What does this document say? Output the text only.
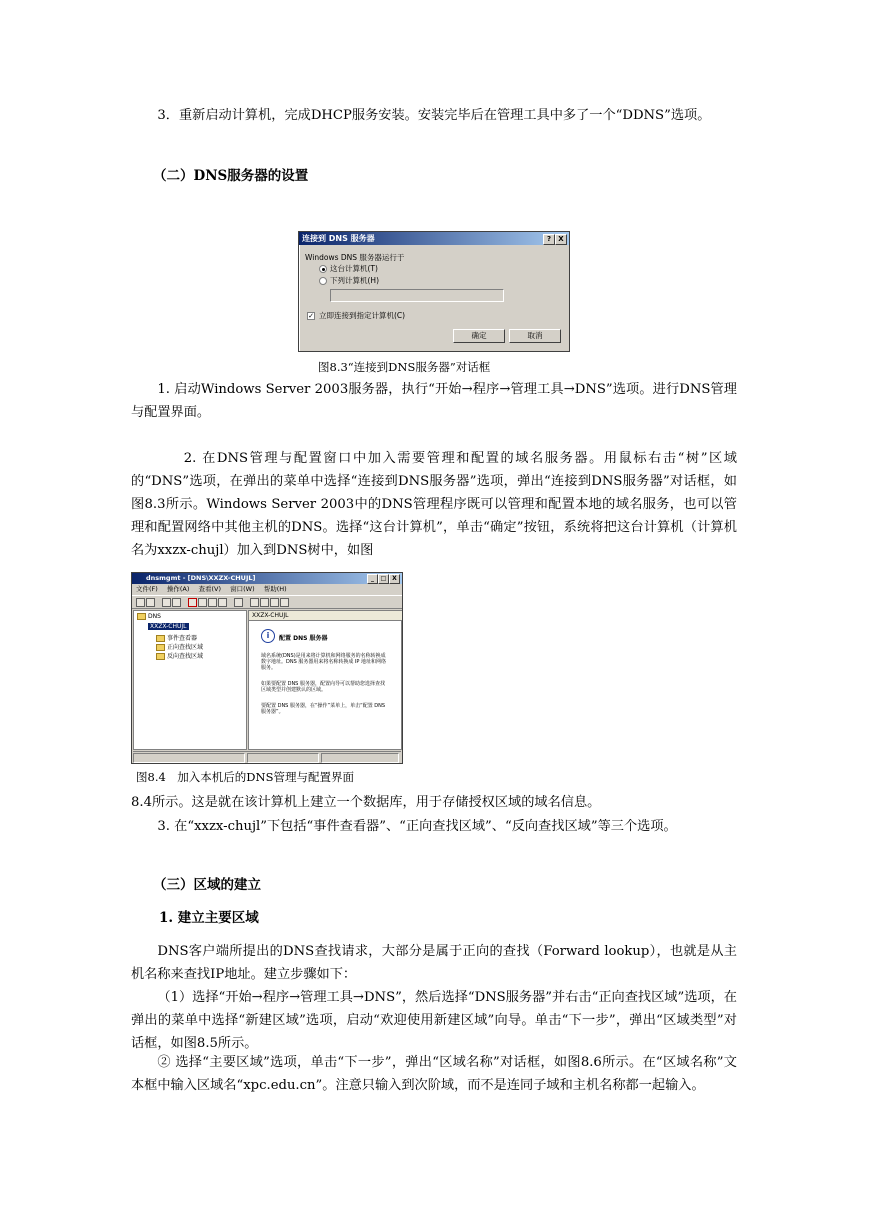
3．重新启动计算机，完成DHCP服务安装。安装完毕后在管理工具中多了一个“DDNS”选项。

（二）DNS服务器的设置

连接到 DNS 服务器	?	X
Windows DNS 服务器运行于
这台计算机(T)
下列计算机(H)
✓ 立即连接到指定计算机(C)
确定	取消

图8.3“连接到DNS服务器”对话框

1. 启动Windows Server 2003服务器，执行“开始→程序→管理工具→DNS”选项。进行DNS管理与配置界面。

2. 在DNS管理与配置窗口中加入需要管理和配置的域名服务器。用鼠标右击“树”区域的“DNS”选项，在弹出的菜单中选择“连接到DNS服务器”选项，弹出“连接到DNS服务器”对话框，如图8.3所示。Windows Server 2003中的DNS管理程序既可以管理和配置本地的域名服务，也可以管理和配置网络中其他主机的DNS。选择“这台计算机”，单击“确定”按钮，系统将把这台计算机（计算机名为xxzx-chujl）加入到DNS树中，如图

dnsmgmt - [DNS\XXZX-CHUJL]	_	□ X
文件(F) 操作(A) 查看(V) 窗口(W) 帮助(H)
DNS
XXZX-CHUJL
事件查看器
正向查找区域
反向查找区域
XXZX-CHUJL
i	配置 DNS 服务器
域名系统(DNS)是用来将计算机和网络服务的名称转换成数字地址。DNS 服务器用来将名称转换成 IP 地址和网络服务。
如果要配置 DNS 服务器，配置向导可以帮助您选择查找区域类型并创建默认的区域。
要配置 DNS 服务器，在“操作”菜单上，单击“配置 DNS 服务器”。

图8.4　加入本机后的DNS管理与配置界面

8.4所示。这是就在该计算机上建立一个数据库，用于存储授权区域的域名信息。

3. 在“xxzx-chujl”下包括“事件查看器”、“正向查找区域”、“反向查找区域”等三个选项。

（三）区域的建立

1. 建立主要区域

DNS客户端所提出的DNS查找请求，大部分是属于正向的查找（Forward lookup），也就是从主机名称来查找IP地址。建立步骤如下：

（1）选择“开始→程序→管理工具→DNS”，然后选择“DNS服务器”并右击“正向查找区域”选项，在弹出的菜单中选择“新建区域”选项，启动“欢迎使用新建区域”向导。单击“下一步”，弹出“区域类型”对话框，如图8.5所示。

② 选择“主要区域”选项，单击“下一步”，弹出“区域名称”对话框，如图8.6所示。在“区域名称”文本框中输入区域名“xpc.edu.cn”。注意只输入到次阶域，而不是连同子域和主机名称都一起输入。
